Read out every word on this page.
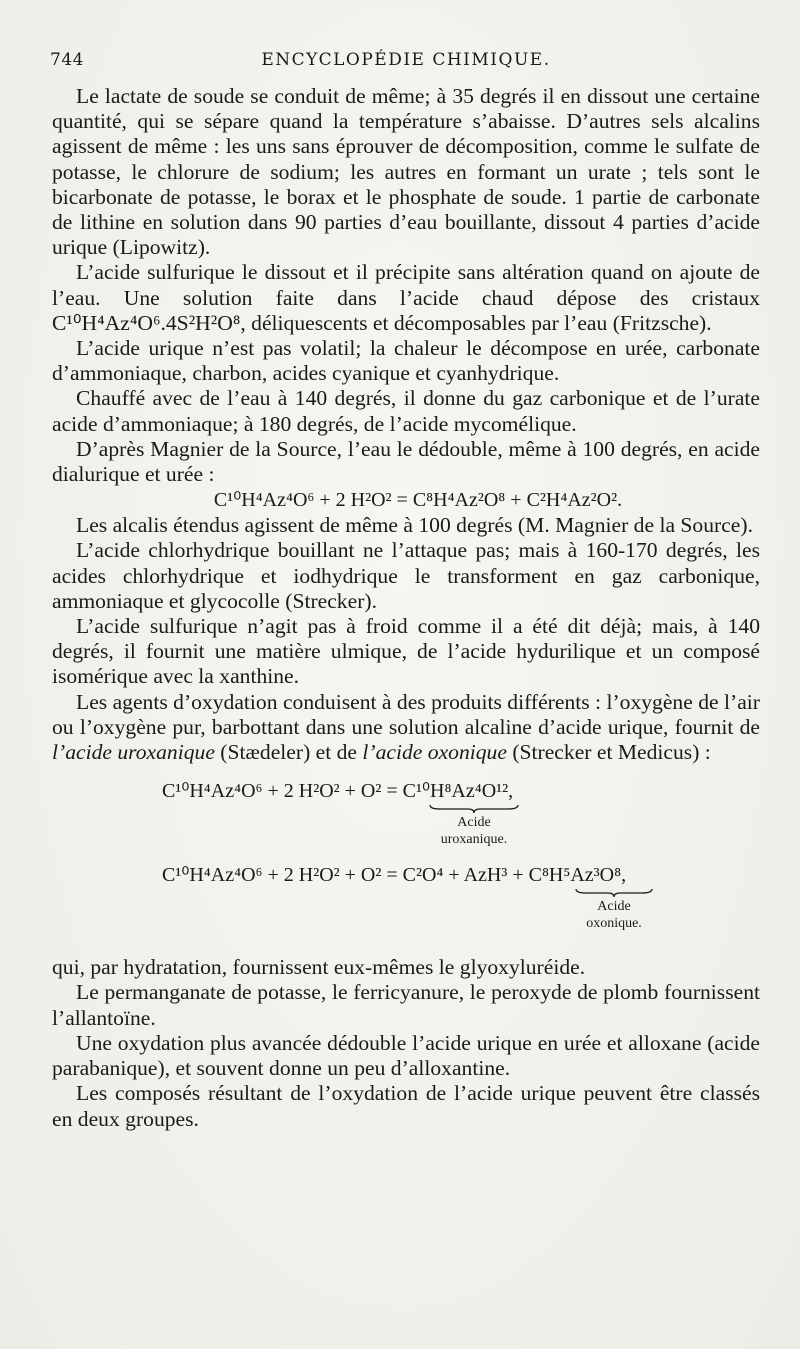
744	ENCYCLOPÉDIE CHIMIQUE.

Le lactate de soude se conduit de même; à 35 degrés il en dissout une certaine quantité, qui se sépare quand la température s’abaisse. D’autres sels alcalins agissent de même : les uns sans éprouver de décomposition, comme le sulfate de potasse, le chlorure de sodium; les autres en formant un urate ; tels sont le bicarbonate de potasse, le borax et le phosphate de soude. 1 partie de carbonate de lithine en solution dans 90 parties d’eau bouillante, dissout 4 parties d’acide urique (Lipowitz).

L’acide sulfurique le dissout et il précipite sans altération quand on ajoute de l’eau. Une solution faite dans l’acide chaud dépose des cristaux C¹⁰H⁴Az⁴O⁶.4S²H²O⁸, déliquescents et décomposables par l’eau (Fritzsche).

L’acide urique n’est pas volatil; la chaleur le décompose en urée, carbonate d’ammoniaque, charbon, acides cyanique et cyanhydrique.

Chauffé avec de l’eau à 140 degrés, il donne du gaz carbonique et de l’urate acide d’ammoniaque; à 180 degrés, de l’acide mycomélique.

D’après Magnier de la Source, l’eau le dédouble, même à 100 degrés, en acide dialurique et urée :

C¹⁰H⁴Az⁴O⁶ + 2 H²O² = C⁸H⁴Az²O⁸ + C²H⁴Az²O².

Les alcalis étendus agissent de même à 100 degrés (M. Magnier de la Source).

L’acide chlorhydrique bouillant ne l’attaque pas; mais à 160-170 degrés, les acides chlorhydrique et iodhydrique le transforment en gaz carbonique, ammoniaque et glycocolle (Strecker).

L’acide sulfurique n’agit pas à froid comme il a été dit déjà; mais, à 140 degrés, il fournit une matière ulmique, de l’acide hydurilique et un composé isomérique avec la xanthine.

Les agents d’oxydation conduisent à des produits différents : l’oxygène de l’air ou l’oxygène pur, barbottant dans une solution alcaline d’acide urique, fournit de l’acide uroxanique (Stædeler) et de l’acide oxonique (Strecker et Medicus) :

C¹⁰H⁴Az⁴O⁶ + 2 H²O² + O² = C¹⁰H⁸Az⁴O¹²,
Acide uroxanique.
C¹⁰H⁴Az⁴O⁶ + 2 H²O² + O² = C²O⁴ + AzH³ + C⁸H⁵Az³O⁸,
Acide oxonique.

qui, par hydratation, fournissent eux-mêmes le glyoxyluréide.

Le permanganate de potasse, le ferricyanure, le peroxyde de plomb fournissent l’allantoïne.

Une oxydation plus avancée dédouble l’acide urique en urée et alloxane (acide parabanique), et souvent donne un peu d’alloxantine.

Les composés résultant de l’oxydation de l’acide urique peuvent être classés en deux groupes.
